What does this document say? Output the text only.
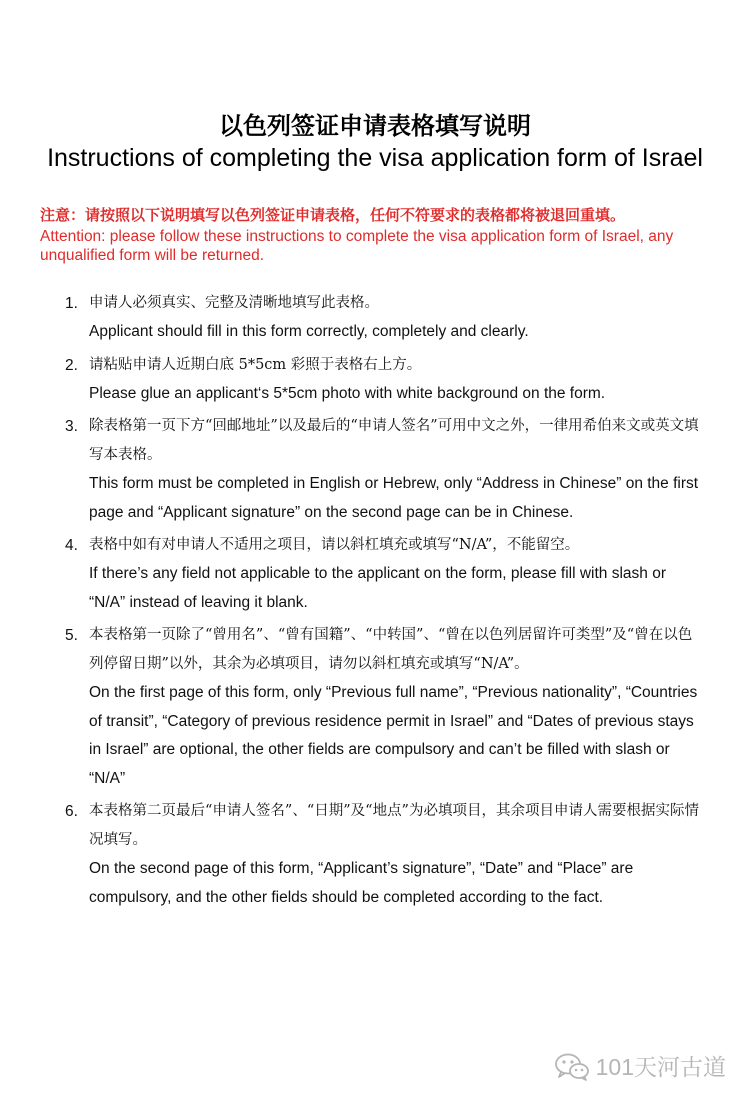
以色列签证申请表格填写说明
Instructions of completing the visa application form of Israel
注意：请按照以下说明填写以色列签证申请表格，任何不符要求的表格都将被退回重填。
Attention: please follow these instructions to complete the visa application form of Israel, any unqualified form will be returned.
1. 申请人必须真实、完整及清晰地填写此表格。
Applicant should fill in this form correctly, completely and clearly.
2. 请粘贴申请人近期白底 5*5cm 彩照于表格右上方。
Please glue an applicant‘s 5*5cm photo with white background on the form.
3. 除表格第一页下方“回邮地址”以及最后的“申请人签名”可用中文之外，一律用希伯来文或英文填写本表格。
This form must be completed in English or Hebrew, only “Address in Chinese” on the first page and “Applicant signature” on the second page can be in Chinese.
4. 表格中如有对申请人不适用之项目，请以斜杠填充或填写“N/A”，不能留空。
If there’s any field not applicable to the applicant on the form, please fill with slash or “N/A” instead of leaving it blank.
5. 本表格第一页除了“曾用名”、“曾有国籍”、“中转国”、“曾在以色列居留许可类型”及“曾在以色列停留日期”以外，其余为必填项目，请勿以斜杠填充或填写“N/A”。
On the first page of this form, only “Previous full name”, “Previous nationality”, “Countries of transit”, “Category of previous residence permit in Israel” and “Dates of previous stays in Israel” are optional, the other fields are compulsory and can’t be filled with slash or “N/A”
6. 本表格第二页最后“申请人签名”、“日期”及“地点”为必填项目，其余项目申请人需要根据实际情况填写。
On the second page of this form, “Applicant’s signature”, “Date” and “Place” are compulsory, and the other fields should be completed according to the fact.
101天河古道
